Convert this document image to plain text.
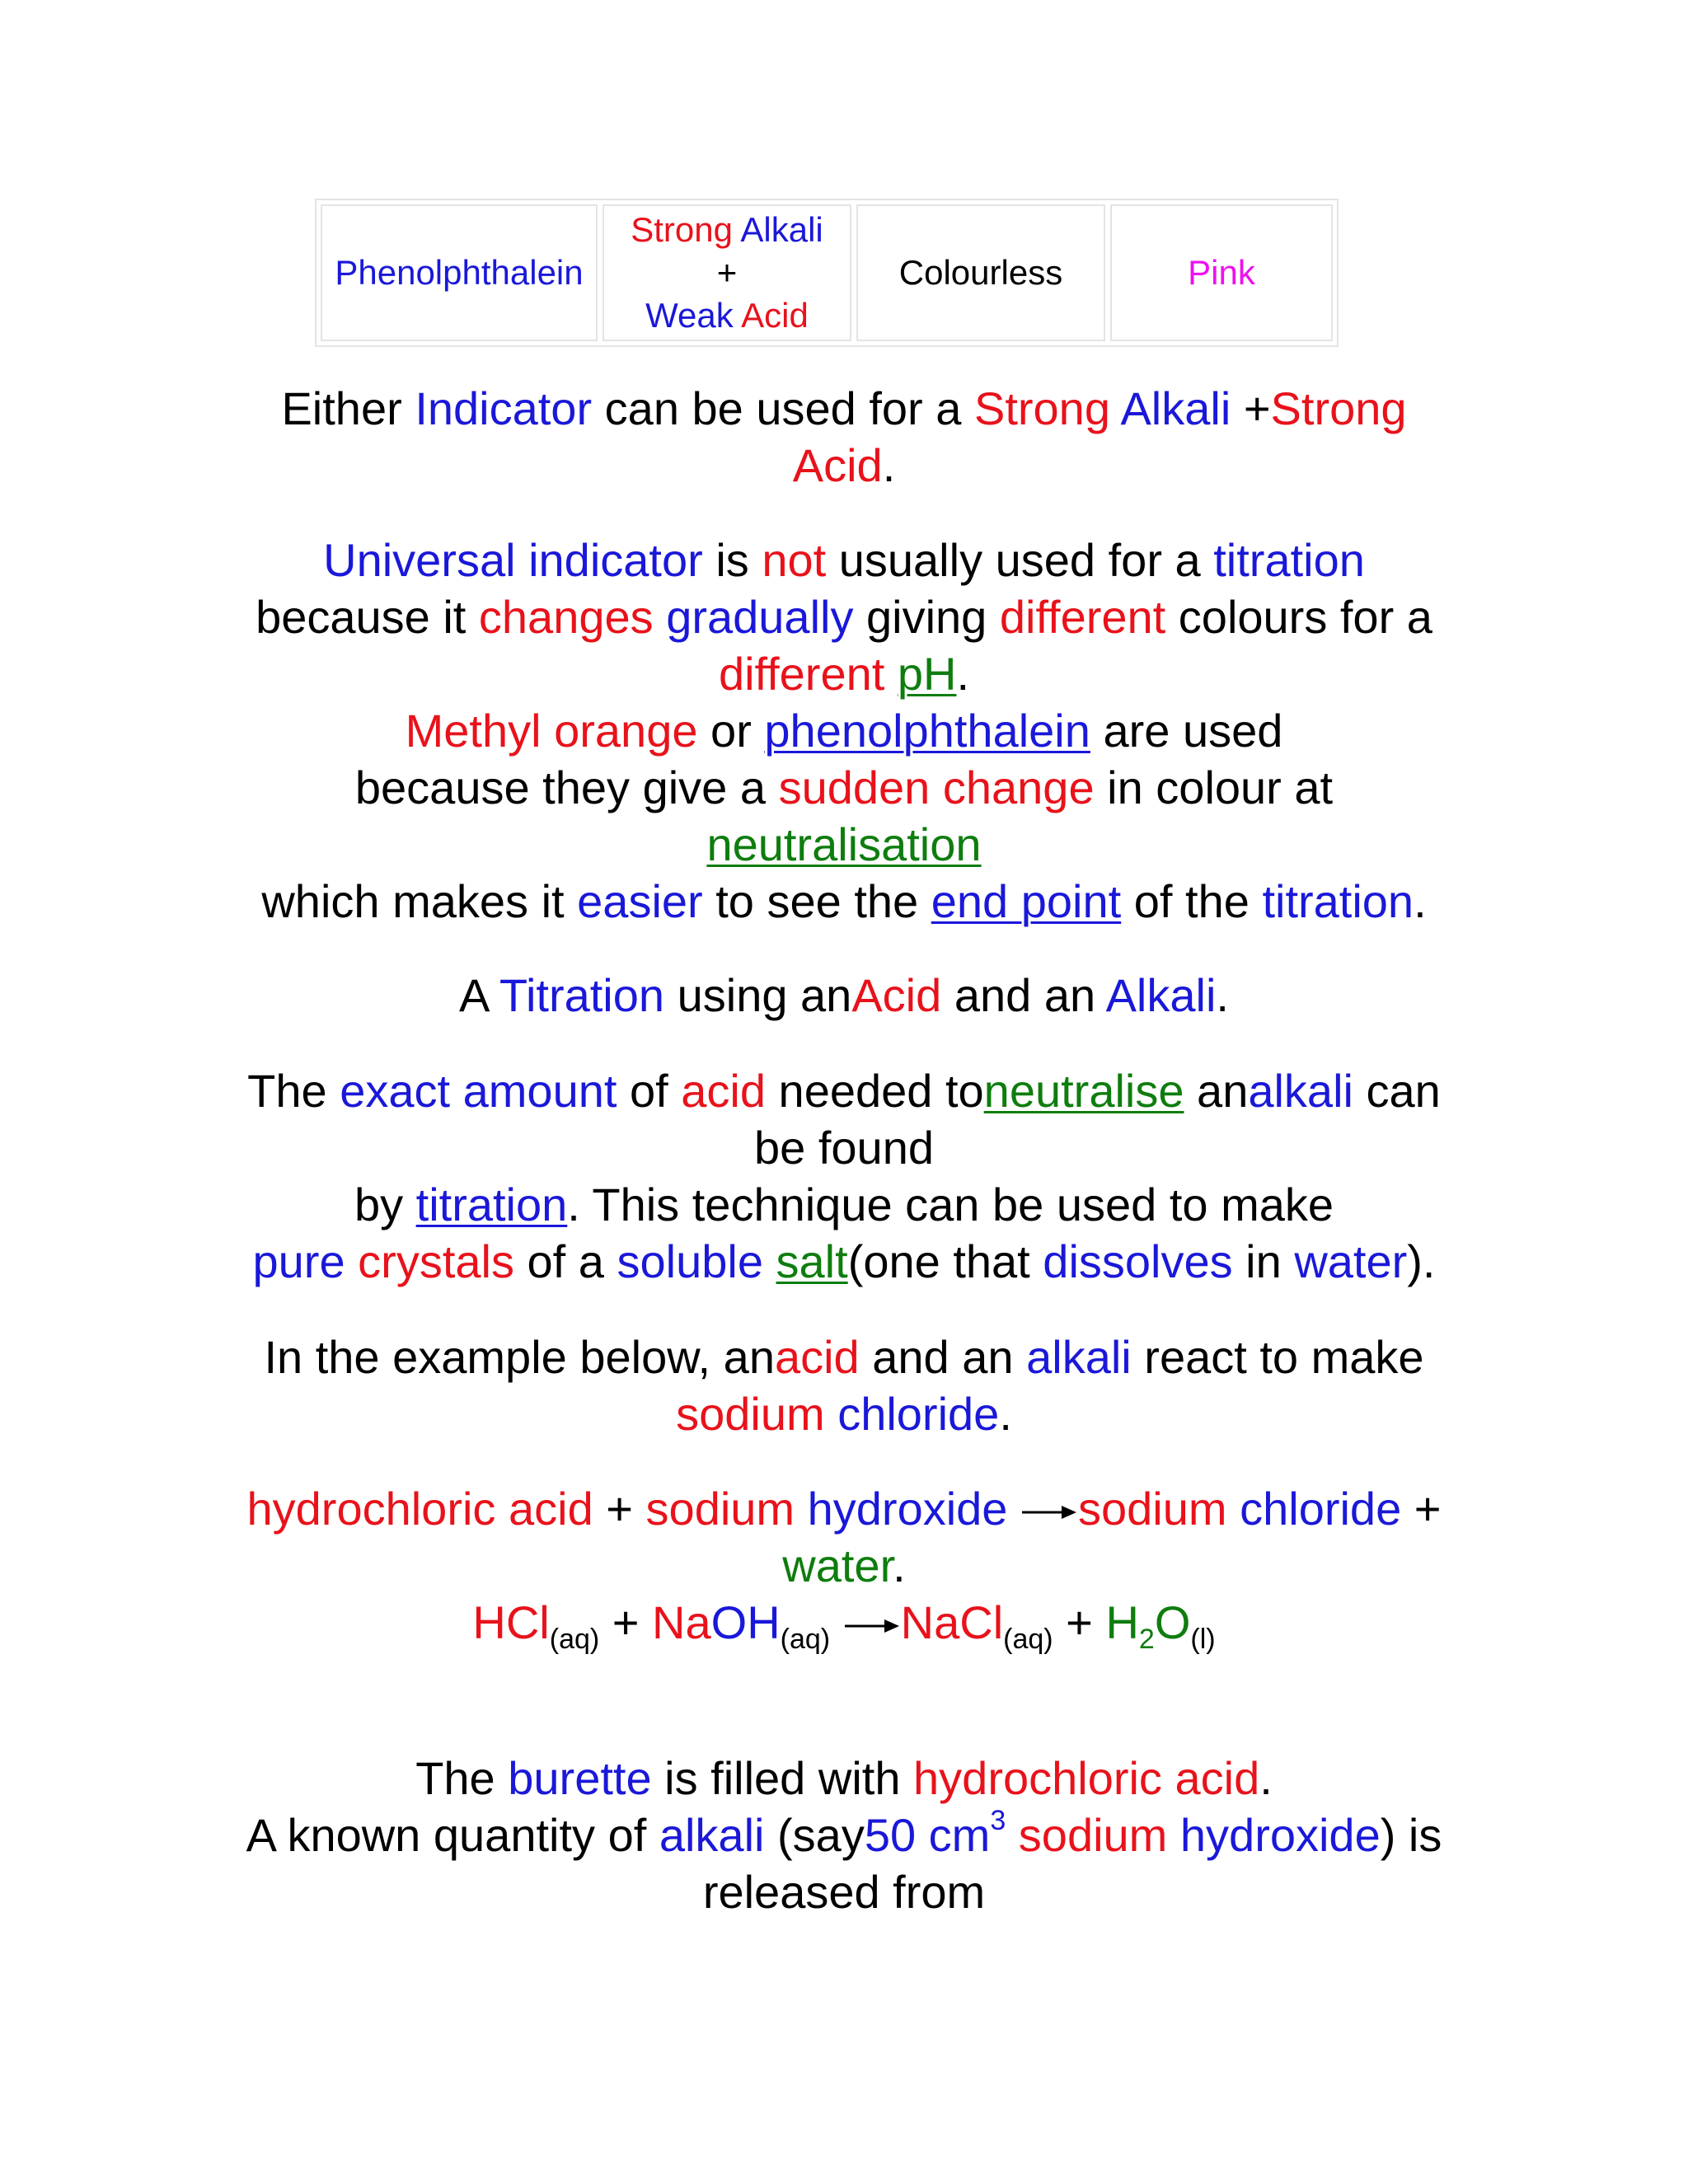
Phenolphthalein
Strong Alkali
+
Weak Acid
Colourless	Pink
Either Indicator can be used for a Strong Alkali +Strong
Acid.
Universal indicator is not usually used for a titration
because it changes gradually giving different colours for a
different pH.
Methyl orange or phenolphthalein are used
because they give a sudden change in colour at
neutralisation
which makes it easier to see the end point of the titration.
A Titration using anAcid and an Alkali.
The exact amount of acid needed toneutralise analkali can
be found
by titration. This technique can be used to make
pure crystals of a soluble salt(one that dissolves in water).
In the example below, anacid and an alkali react to make
sodium chloride.
hydrochloric acid + sodium hydroxide sodium chloride +
water.
HCl$_{(aq)}$ + NaOH$_{(aq)}$ NaCl$_{(aq)}$ + $H_2O_{(l)}$
The burette is filled with hydrochloric acid.
A known quantity of alkali (say50 $cm^3$ sodium hydroxide) is
released from
